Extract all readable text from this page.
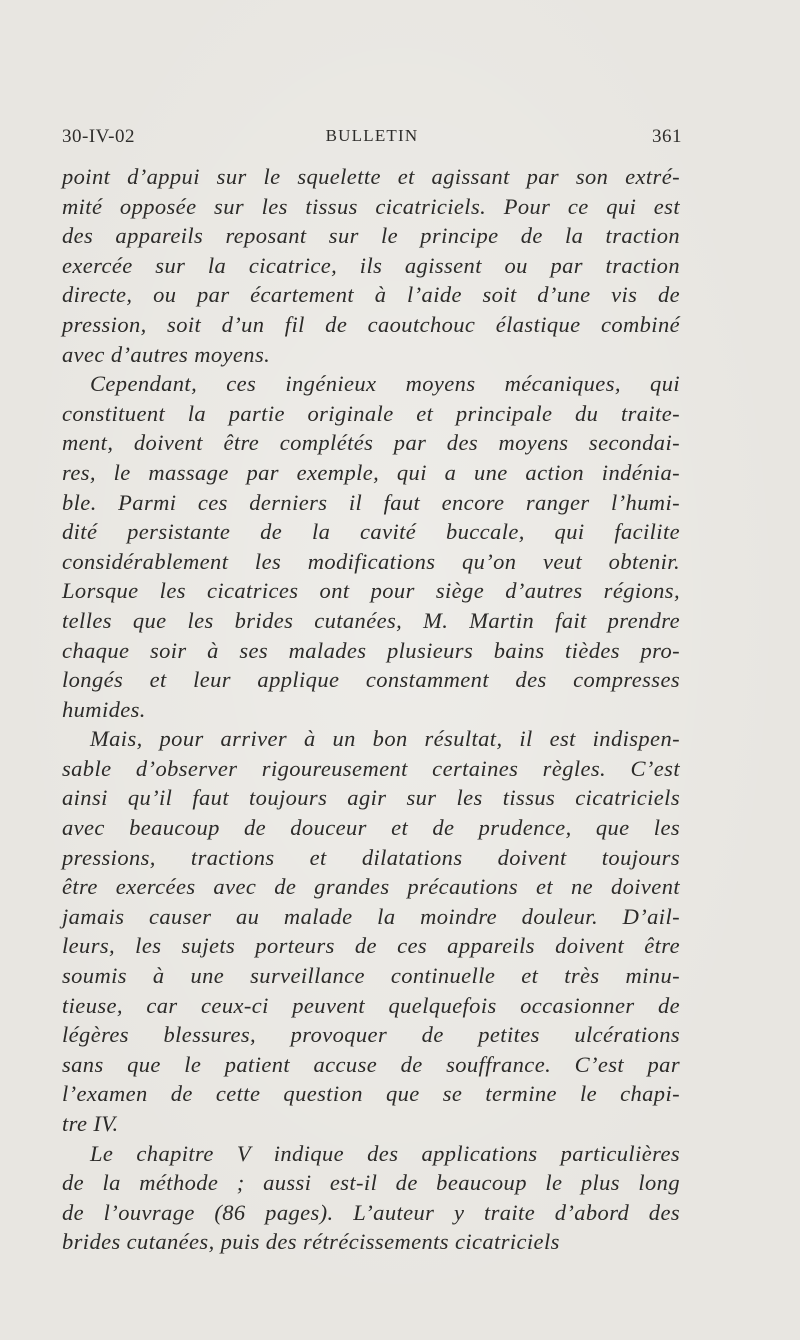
30-IV-02	BULLETIN	361
point d’appui sur le squelette et agissant par son extré-
mité opposée sur les tissus cicatriciels. Pour ce qui est
des appareils reposant sur le principe de la traction
exercée sur la cicatrice, ils agissent ou par traction
directe, ou par écartement à l’aide soit d’une vis de
pression, soit d’un fil de caoutchouc élastique combiné
avec d’autres moyens.
Cependant, ces ingénieux moyens mécaniques, qui
constituent la partie originale et principale du traite-
ment, doivent être complétés par des moyens secondai-
res, le massage par exemple, qui a une action indénia-
ble. Parmi ces derniers il faut encore ranger l’humi-
dité persistante de la cavité buccale, qui facilite
considérablement les modifications qu’on veut obtenir.
Lorsque les cicatrices ont pour siège d’autres régions,
telles que les brides cutanées, M. Martin fait prendre
chaque soir à ses malades plusieurs bains tièdes pro-
longés et leur applique constamment des compresses
humides.
Mais, pour arriver à un bon résultat, il est indispen-
sable d’observer rigoureusement certaines règles. C’est
ainsi qu’il faut toujours agir sur les tissus cicatriciels
avec beaucoup de douceur et de prudence, que les
pressions, tractions et dilatations doivent toujours
être exercées avec de grandes précautions et ne doivent
jamais causer au malade la moindre douleur. D’ail-
leurs, les sujets porteurs de ces appareils doivent être
soumis à une surveillance continuelle et très minu-
tieuse, car ceux-ci peuvent quelquefois occasionner de
légères blessures, provoquer de petites ulcérations
sans que le patient accuse de souffrance. C’est par
l’examen de cette question que se termine le chapi-
tre IV.
Le chapitre V indique des applications particulières
de la méthode ; aussi est-il de beaucoup le plus long
de l’ouvrage (86 pages). L’auteur y traite d’abord des
brides cutanées, puis des rétrécissements cicatriciels
